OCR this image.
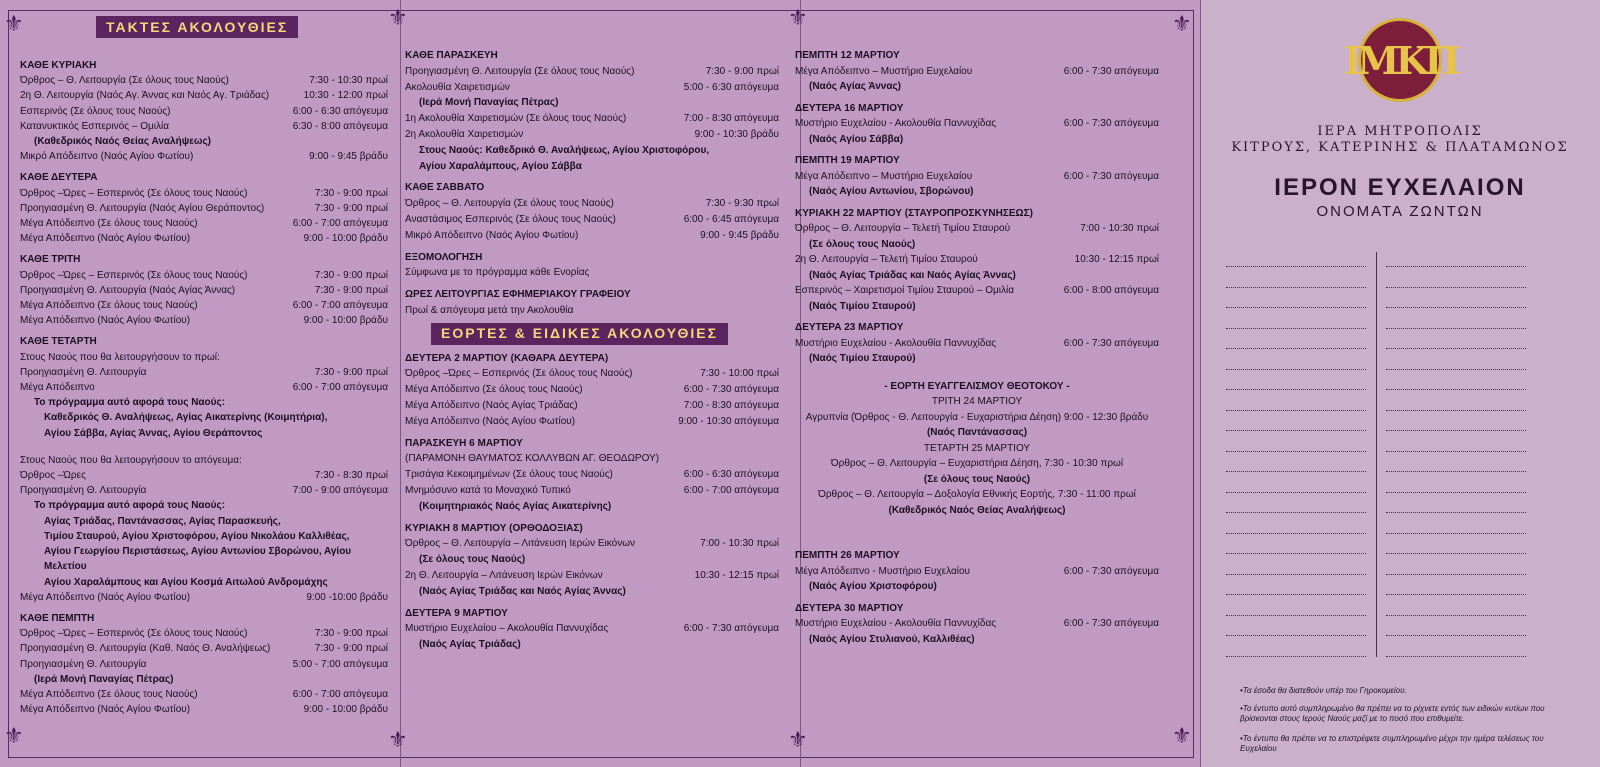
⚜	⚜
⚜	⚜
⚜	⚜
⚜	⚜
ΤΑΚΤΕΣ ΑΚΟΛΟΥΘΙΕΣ
ΚΑΘΕ ΚΥΡΙΑΚΗ
Όρθρος – Θ. Λειτουργία (Σε όλους τους Ναούς)	7:30 - 10:30 πρωί
2η Θ. Λειτουργία (Ναός Αγ. Άννας και Ναός Αγ. Τριάδας)	10:30 - 12:00 πρωί
Εσπερινός (Σε όλους τους Ναούς)	6:00 - 6:30 απόγευμα
Κατανυκτικός Εσπερινός – Ομιλία	6:30 - 8:00 απόγευμα
(Καθεδρικός Ναός Θείας Αναλήψεως)
Μικρό Απόδειπνο (Ναός Αγίου Φωτίου)	9:00 - 9:45 βράδυ
ΚΑΘΕ ΔΕΥΤΕΡΑ
Όρθρος –Ώρες – Εσπερινός (Σε όλους τους Ναούς)	7:30 - 9:00 πρωί
Προηγιασμένη Θ. Λειτουργία (Ναός Αγίου Θεράποντος)	7:30 - 9:00 πρωί
Μέγα Απόδειπνο (Σε όλους τους Ναούς)	6:00 - 7:00 απόγευμα
Μέγα Απόδειπνο (Ναός Αγίου Φωτίου)	9:00 - 10:00 βράδυ
ΚΑΘΕ ΤΡΙΤΗ
Όρθρος –Ώρες – Εσπερινός (Σε όλους τους Ναούς)	7:30 - 9:00 πρωί
Προηγιασμένη Θ. Λειτουργία (Ναός Αγίας Άννας)	7:30 - 9:00 πρωί
Μέγα Απόδειπνο (Σε όλους τους Ναούς)	6:00 - 7:00 απόγευμα
Μέγα Απόδειπνο (Ναός Αγίου Φωτίου)	9:00 - 10:00 βράδυ
ΚΑΘΕ ΤΕΤΑΡΤΗ
Στους Ναούς που θα λειτουργήσουν το πρωί:
Προηγιασμένη Θ. Λειτουργία	7:30 - 9:00 πρωί
Μέγα Απόδειπνο	6:00 - 7:00 απόγευμα
Το πρόγραμμα αυτό αφορά τους Ναούς:
Καθεδρικός Θ. Αναλήψεως, Αγίας Αικατερίνης (Κοιμητήρια),
Αγίου Σάββα, Αγίας Άννας, Αγίου Θεράποντος
Στους Ναούς που θα λειτουργήσουν το απόγευμα:
Όρθρος –Ώρες	7:30 - 8:30 πρωί
Προηγιασμένη Θ. Λειτουργία	7:00 - 9:00 απόγευμα
Το πρόγραμμα αυτό αφορά τους Ναούς:
Αγίας Τριάδας, Παντάνασσας, Αγίας Παρασκευής,
Τιμίου Σταυρού, Αγίου Χριστοφόρου, Αγίου Νικολάου Καλλιθέας,
Αγίου Γεωργίου Περιστάσεως, Αγίου Αντωνίου Σβορώνου, Αγίου Μελετίου
Αγίου Χαραλάμπους και Αγίου Κοσμά Αιτωλού Ανδρομάχης
Μέγα Απόδειπνο (Ναός Αγίου Φωτίου)	9:00 -10:00 βράδυ
ΚΑΘΕ ΠΕΜΠΤΗ
Όρθρος –Ώρες – Εσπερινός (Σε όλους τους Ναούς)	7:30 - 9:00 πρωί
Προηγιασμένη Θ. Λειτουργία (Καθ. Ναός Θ. Αναλήψεως)	7:30 - 9:00 πρωί
Προηγιασμένη Θ. Λειτουργία	5:00 - 7:00 απόγευμα
(Ιερά Μονή Παναγίας Πέτρας)
Μέγα Απόδειπνο (Σε όλους τους Ναούς)	6:00 - 7:00 απόγευμα
Μέγα Απόδειπνο (Ναός Αγίου Φωτίου)	9:00 - 10:00 βράδυ
ΚΑΘΕ ΠΑΡΑΣΚΕΥΗ
Προηγιασμένη Θ. Λειτουργία (Σε όλους τους Ναούς)	7:30 - 9:00 πρωί
Ακολουθία Χαιρετισμών	5:00 - 6:30 απόγευμα
(Ιερά Μονή Παναγίας Πέτρας)
1η Ακολουθία Χαιρετισμών (Σε όλους τους Ναούς)	7:00 - 8:30 απόγευμα
2η Ακολουθία Χαιρετισμών	9:00 - 10:30 βράδυ
Στους Ναούς: Καθεδρικό Θ. Αναλήψεως, Αγίου Χριστοφόρου,
Αγίου Χαραλάμπους, Αγίου Σάββα
ΚΑΘΕ ΣΑΒΒΑΤΟ
Όρθρος – Θ. Λειτουργία (Σε όλους τους Ναούς)	7:30 - 9:30 πρωί
Αναστάσιμος Εσπερινός (Σε όλους τους Ναούς)	6:00 - 6:45 απόγευμα
Μικρό Απόδειπνο (Ναός Αγίου Φωτίου)	9:00 - 9:45 βράδυ
ΕΞΟΜΟΛΟΓΗΣΗ
Σύμφωνα με το πρόγραμμα κάθε Ενορίας
ΩΡΕΣ ΛΕΙΤΟΥΡΓΙΑΣ ΕΦΗΜΕΡΙΑΚΟΥ ΓΡΑΦΕΙΟΥ
Πρωί & απόγευμα μετά την Ακολουθία
ΕΟΡΤΕΣ & ΕΙΔΙΚΕΣ ΑΚΟΛΟΥΘΙΕΣ
ΔΕΥΤΕΡΑ 2 ΜΑΡΤΙΟΥ (ΚΑΘΑΡΑ ΔΕΥΤΕΡΑ)
Όρθρος –Ώρες – Εσπερινός (Σε όλους τους Ναούς)	7:30 - 10:00 πρωί
Μέγα Απόδειπνο (Σε όλους τους Ναούς)	6:00 - 7:30 απόγευμα
Μέγα Απόδειπνο (Ναός Αγίας Τριάδας)	7:00 - 8:30 απόγευμα
Μέγα Απόδειπνο (Ναός Αγίου Φωτίου)	9:00 - 10:30 απόγευμα
ΠΑΡΑΣΚΕΥΗ 6 ΜΑΡΤΙΟΥ
(ΠΑΡΑΜΟΝΗ ΘΑΥΜΑΤΟΣ ΚΟΛΛΥΒΩΝ ΑΓ. ΘΕΟΔΩΡΟΥ)
Τρισάγια Κεκοιμημένων (Σε όλους τους Ναούς)	6:00 - 6:30 απόγευμα
Μνημόσυνο κατά το Μοναχικό Τυπικό	6:00 - 7:00 απόγευμα
(Κοιμητηριακός Ναός Αγίας Αικατερίνης)
ΚΥΡΙΑΚΗ 8 ΜΑΡΤΙΟΥ (ΟΡΘΟΔΟΞΙΑΣ)
Όρθρος – Θ. Λειτουργία – Λιτάνευση Ιερών Εικόνων	7:00 - 10:30 πρωί
(Σε όλους τους Ναούς)
2η Θ. Λειτουργία – Λιτάνευση Ιερών Εικόνων	10:30 - 12:15 πρωί
(Ναός Αγίας Τριάδας και Ναός Αγίας Άννας)
ΔΕΥΤΕΡΑ 9 ΜΑΡΤΙΟΥ
Μυστήριο Ευχελαίου – Ακολουθία Παννυχίδας	6:00 - 7:30 απόγευμα
(Ναός Αγίας Τριάδας)
ΠΕΜΠΤΗ 12 ΜΑΡΤΙΟΥ
Μέγα Απόδειπνο – Μυστήριο Ευχελαίου	6:00 - 7:30 απόγευμα
(Ναός Αγίας Άννας)
ΔΕΥΤΕΡΑ 16 ΜΑΡΤΙΟΥ
Μυστήριο Ευχελαίου - Ακολουθία Παννυχίδας	6:00 - 7:30 απόγευμα
(Ναός Αγίου Σάββα)
ΠΕΜΠΤΗ 19 ΜΑΡΤΙΟΥ
Μέγα Απόδειπνο – Μυστήριο Ευχελαίου	6:00 - 7:30 απόγευμα
(Ναός Αγίου Αντωνίου, Σβορώνου)
ΚΥΡΙΑΚΗ 22 ΜΑΡΤΙΟΥ (ΣΤΑΥΡΟΠΡΟΣΚΥΝΗΣΕΩΣ)
Όρθρος – Θ. Λειτουργία – Τελετή Τιμίου Σταυρού	7:00 - 10:30 πρωί
(Σε όλους τους Ναούς)
2η Θ. Λειτουργία – Τελετή Τιμίου Σταυρού	10:30 - 12:15 πρωί
(Ναός Αγίας Τριάδας και Ναός Αγίας Άννας)
Εσπερινός – Χαιρετισμοί Τιμίου Σταυρού – Ομιλία	6:00 - 8:00 απόγευμα
(Ναός Τιμίου Σταυρού)
ΔΕΥΤΕΡΑ 23 ΜΑΡΤΙΟΥ
Μυστήριο Ευχελαίου - Ακολουθία Παννυχίδας	6:00 - 7:30 απόγευμα
(Ναός Τιμίου Σταυρού)
- ΕΟΡΤΗ ΕΥΑΓΓΕΛΙΣΜΟΥ ΘΕΟΤΟΚΟΥ -
ΤΡΙΤΗ 24 ΜΑΡΤΙΟΥ
Αγρυπνία (Όρθρος - Θ. Λειτουργία - Ευχαριστήρια Δέηση) 9:00 - 12:30 βράδυ
(Ναός Παντάνασσας)
ΤΕΤΑΡΤΗ 25 ΜΑΡΤΙΟΥ
Όρθρος – Θ. Λειτουργία – Ευχαριστήρια Δέηση, 7:30 - 10:30 πρωί
(Σε όλους τους Ναούς)
Όρθρος – Θ. Λειτουργία – Δοξολογία Εθνικής Εορτής, 7:30 - 11:00 πρωί
(Καθεδρικός Ναός Θείας Αναλήψεως)
ΠΕΜΠΤΗ 26 ΜΑΡΤΙΟΥ
Μέγα Απόδειπνο - Μυστήριο Ευχελαίου	6:00 - 7:30 απόγευμα
(Ναός Αγίου Χριστοφόρου)
ΔΕΥΤΕΡΑ 30 ΜΑΡΤΙΟΥ
Μυστήριο Ευχελαίου - Ακολουθία Παννυχίδας	6:00 - 7:30 απόγευμα
(Ναός Αγίου Στυλιανού, Καλλιθέας)
ΙΜΚΠ
ΙΕΡΑ ΜΗΤΡΟΠΟΛΙΣ
ΚΙΤΡΟΥΣ, ΚΑΤΕΡΙΝΗΣ & ΠΛΑΤΑΜΩΝΟΣ
ΙΕΡΟΝ ΕΥΧΕΛΑΙΟΝ
ΟΝΟΜΑΤΑ ΖΩΝΤΩΝ
•Τα έσοδα θα διατεθούν υπέρ του Γηροκομείου.
•Το έντυπο αυτό συμπληρωμένο θα πρέπει να το ρίχνετε εντός των ειδικών κυτίων που βρίσκονται στους Ιερούς Ναούς μαζί με το ποσό που επιθυμείτε.
•Το έντυπο θα πρέπει να το επιστρέφετε συμπληρωμένο μέχρι την ημέρα τελέσεως του Ευχελαίου
